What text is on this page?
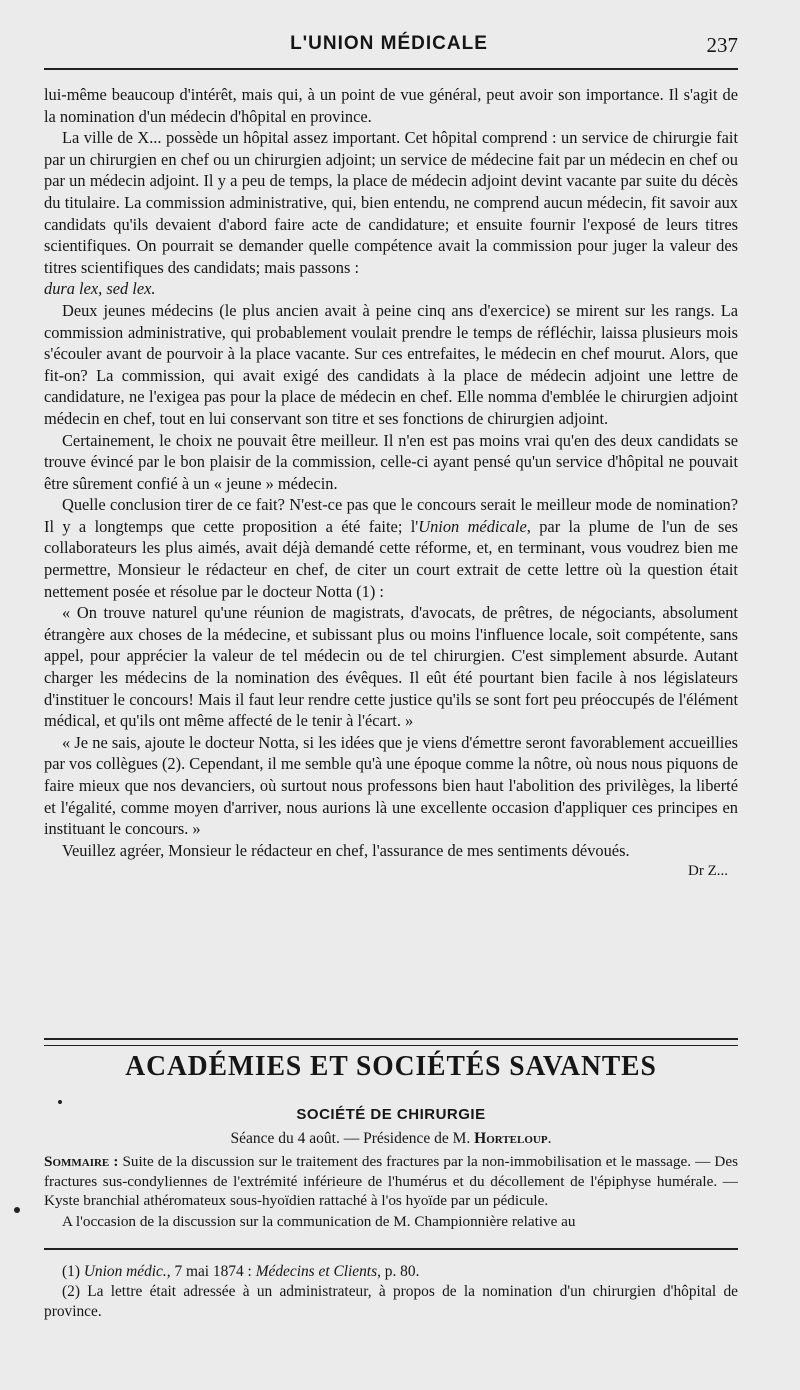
L'UNION MÉDICALE	237

lui-même beaucoup d'intérêt, mais qui, à un point de vue général, peut avoir son importance. Il s'agit de la nomination d'un médecin d'hôpital en province.

La ville de X... possède un hôpital assez important. Cet hôpital comprend : un service de chirurgie fait par un chirurgien en chef ou un chirurgien adjoint; un service de médecine fait par un médecin en chef ou par un médecin adjoint. Il y a peu de temps, la place de médecin adjoint devint vacante par suite du décès du titulaire. La commission administrative, qui, bien entendu, ne comprend aucun médecin, fit savoir aux candidats qu'ils devaient d'abord faire acte de candidature; et ensuite fournir l'exposé de leurs titres scientifiques. On pourrait se demander quelle compétence avait la commission pour juger la valeur des titres scientifiques des candidats; mais passons :
dura lex, sed lex.

Deux jeunes médecins (le plus ancien avait à peine cinq ans d'exercice) se mirent sur les rangs. La commission administrative, qui probablement voulait prendre le temps de réfléchir, laissa plusieurs mois s'écouler avant de pourvoir à la place vacante. Sur ces entrefaites, le médecin en chef mourut. Alors, que fit-on? La commission, qui avait exigé des candidats à la place de médecin adjoint une lettre de candidature, ne l'exigea pas pour la place de médecin en chef. Elle nomma d'emblée le chirurgien adjoint médecin en chef, tout en lui conservant son titre et ses fonctions de chirurgien adjoint.

Certainement, le choix ne pouvait être meilleur. Il n'en est pas moins vrai qu'en des deux candidats se trouve évincé par le bon plaisir de la commission, celle-ci ayant pensé qu'un service d'hôpital ne pouvait être sûrement confié à un « jeune » médecin.

Quelle conclusion tirer de ce fait? N'est-ce pas que le concours serait le meilleur mode de nomination? Il y a longtemps que cette proposition a été faite; l'Union médicale, par la plume de l'un de ses collaborateurs les plus aimés, avait déjà demandé cette réforme, et, en terminant, vous voudrez bien me permettre, Monsieur le rédacteur en chef, de citer un court extrait de cette lettre où la question était nettement posée et résolue par le docteur Notta (1) :

« On trouve naturel qu'une réunion de magistrats, d'avocats, de prêtres, de négociants, absolument étrangère aux choses de la médecine, et subissant plus ou moins l'influence locale, soit compétente, sans appel, pour apprécier la valeur de tel médecin ou de tel chirurgien. C'est simplement absurde. Autant charger les médecins de la nomination des évêques. Il eût été pourtant bien facile à nos législateurs d'instituer le concours! Mais il faut leur rendre cette justice qu'ils se sont fort peu préoccupés de l'élément médical, et qu'ils ont même affecté de le tenir à l'écart. »

« Je ne sais, ajoute le docteur Notta, si les idées que je viens d'émettre seront favorablement accueillies par vos collègues (2). Cependant, il me semble qu'à une époque comme la nôtre, où nous nous piquons de faire mieux que nos devanciers, où surtout nous professons bien haut l'abolition des privilèges, la liberté et l'égalité, comme moyen d'arriver, nous aurions là une excellente occasion d'appliquer ces principes en instituant le concours. »

Veuillez agréer, Monsieur le rédacteur en chef, l'assurance de mes sentiments dévoués.

Dr Z...
ACADÉMIES ET SOCIÉTÉS SAVANTES
SOCIÉTÉ DE CHIRURGIE
Séance du 4 août. — Présidence de M. Horteloup.
Sommaire : Suite de la discussion sur le traitement des fractures par la non-immobilisation et le massage. — Des fractures sus-condyliennes de l'extrémité inférieure de l'humérus et du décollement de l'épiphyse humérale. — Kyste branchial athéromateux sous-hyoïdien rattaché à l'os hyoïde par un pédicule.
A l'occasion de la discussion sur la communication de M. Championnière relative au

(1) Union médic., 7 mai 1874 : Médecins et Clients, p. 80.

(2) La lettre était adressée à un administrateur, à propos de la nomination d'un chirurgien d'hôpital de province.
